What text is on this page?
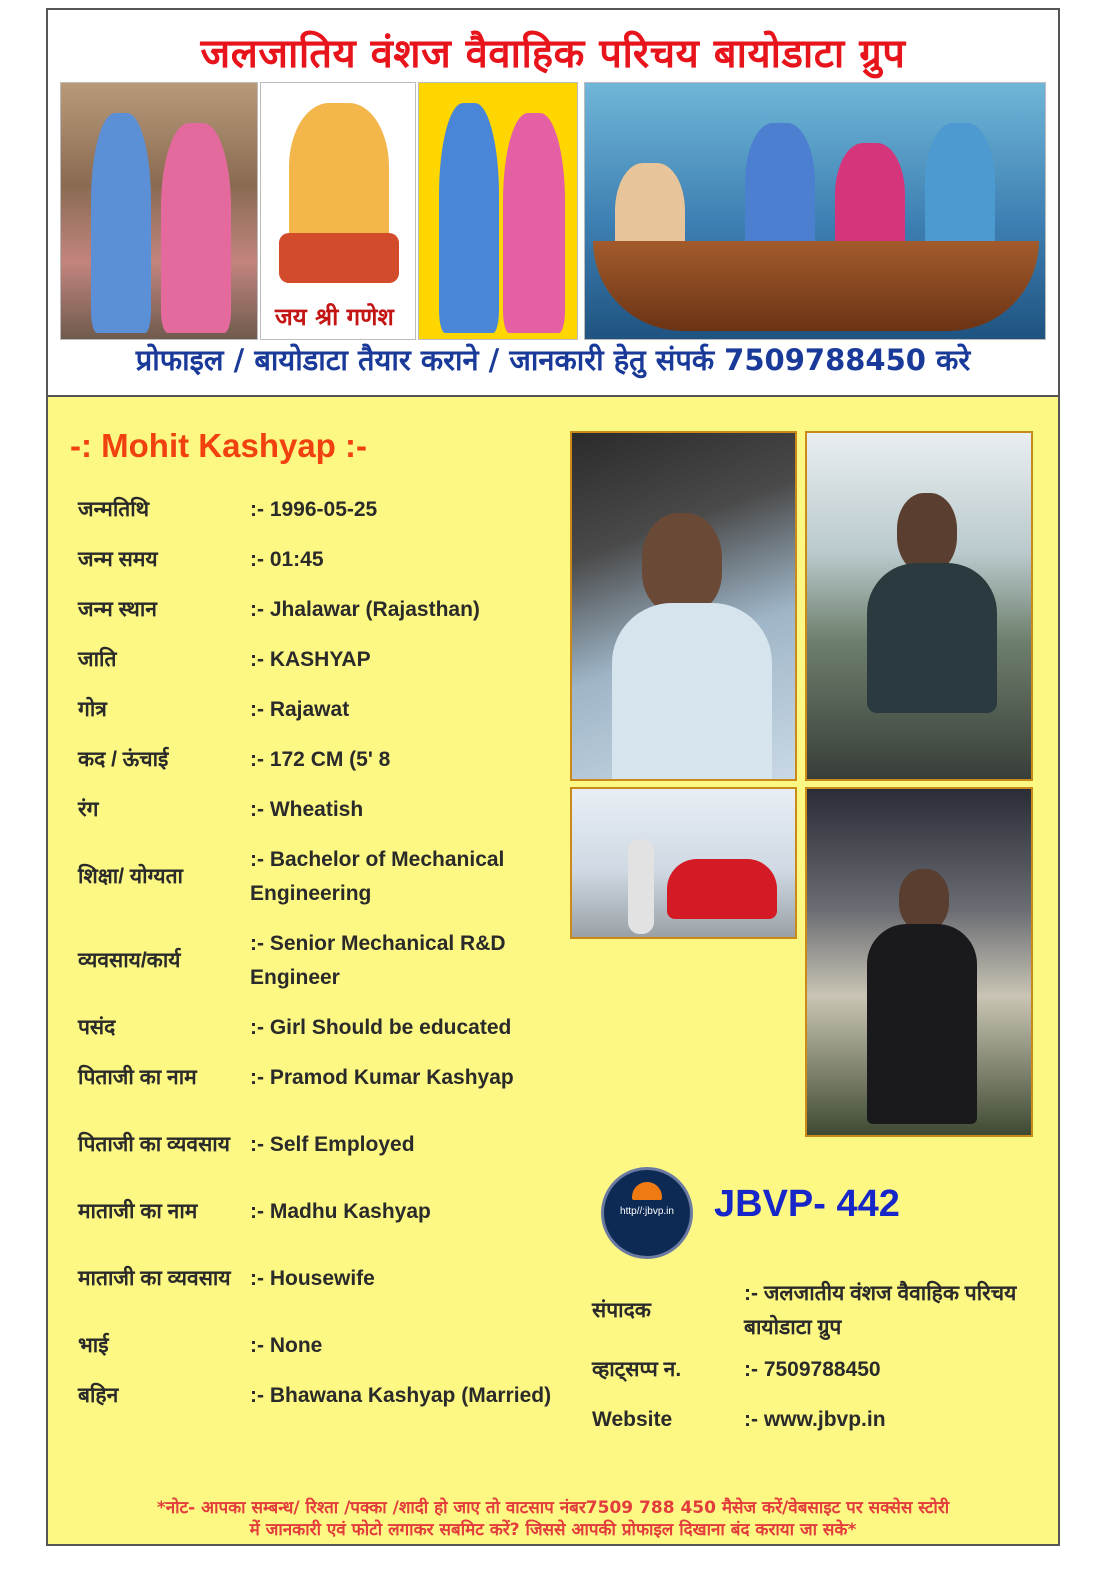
जलजातिय वंशज वैवाहिक परिचय बायोडाटा ग्रुप
जय श्री गणेश
प्रोफाइल / बायोडाटा तैयार कराने / जानकारी हेतु संपर्क 7509788450 करे
-: Mohit Kashyap :-
जन्मतिथि	:- 1996-05-25
जन्म समय	:- 01:45
जन्म स्थान	:- Jhalawar (Rajasthan)
जाति	:- KASHYAP
गोत्र	:- Rajawat
कद / ऊंचाई	:- 172 CM (5' 8
रंग	:- Wheatish
शिक्षा/ योग्यता
:- Bachelor of Mechanical Engineering
व्यवसाय/कार्य
:- Senior Mechanical R&D Engineer
पसंद	:- Girl Should be educated
पिताजी का नाम	:- Pramod Kumar Kashyap
पिताजी का व्यवसाय :- Self Employed
माताजी का नाम	:- Madhu Kashyap
माताजी का व्यवसाय :- Housewife
भाई	:- None
बहिन	:- Bhawana Kashyap (Married)
http//:jbvp.in	JBVP- 442
संपादक
:- जलजातीय वंशज वैवाहिक परिचय बायोडाटा ग्रुप
व्हाट्सप्प न.	:- 7509788450
Website	:- www.jbvp.in
*नोट- आपका सम्बन्ध/ रिश्ता /पक्का /शादी हो जाए तो वाटसाप नंबर7509 788 450 मैसेज करें/वेबसाइट पर सक्सेस स्टोरी
में जानकारी एवं फोटो लगाकर सबमिट करें? जिससे आपकी प्रोफाइल दिखाना बंद कराया जा सके*
